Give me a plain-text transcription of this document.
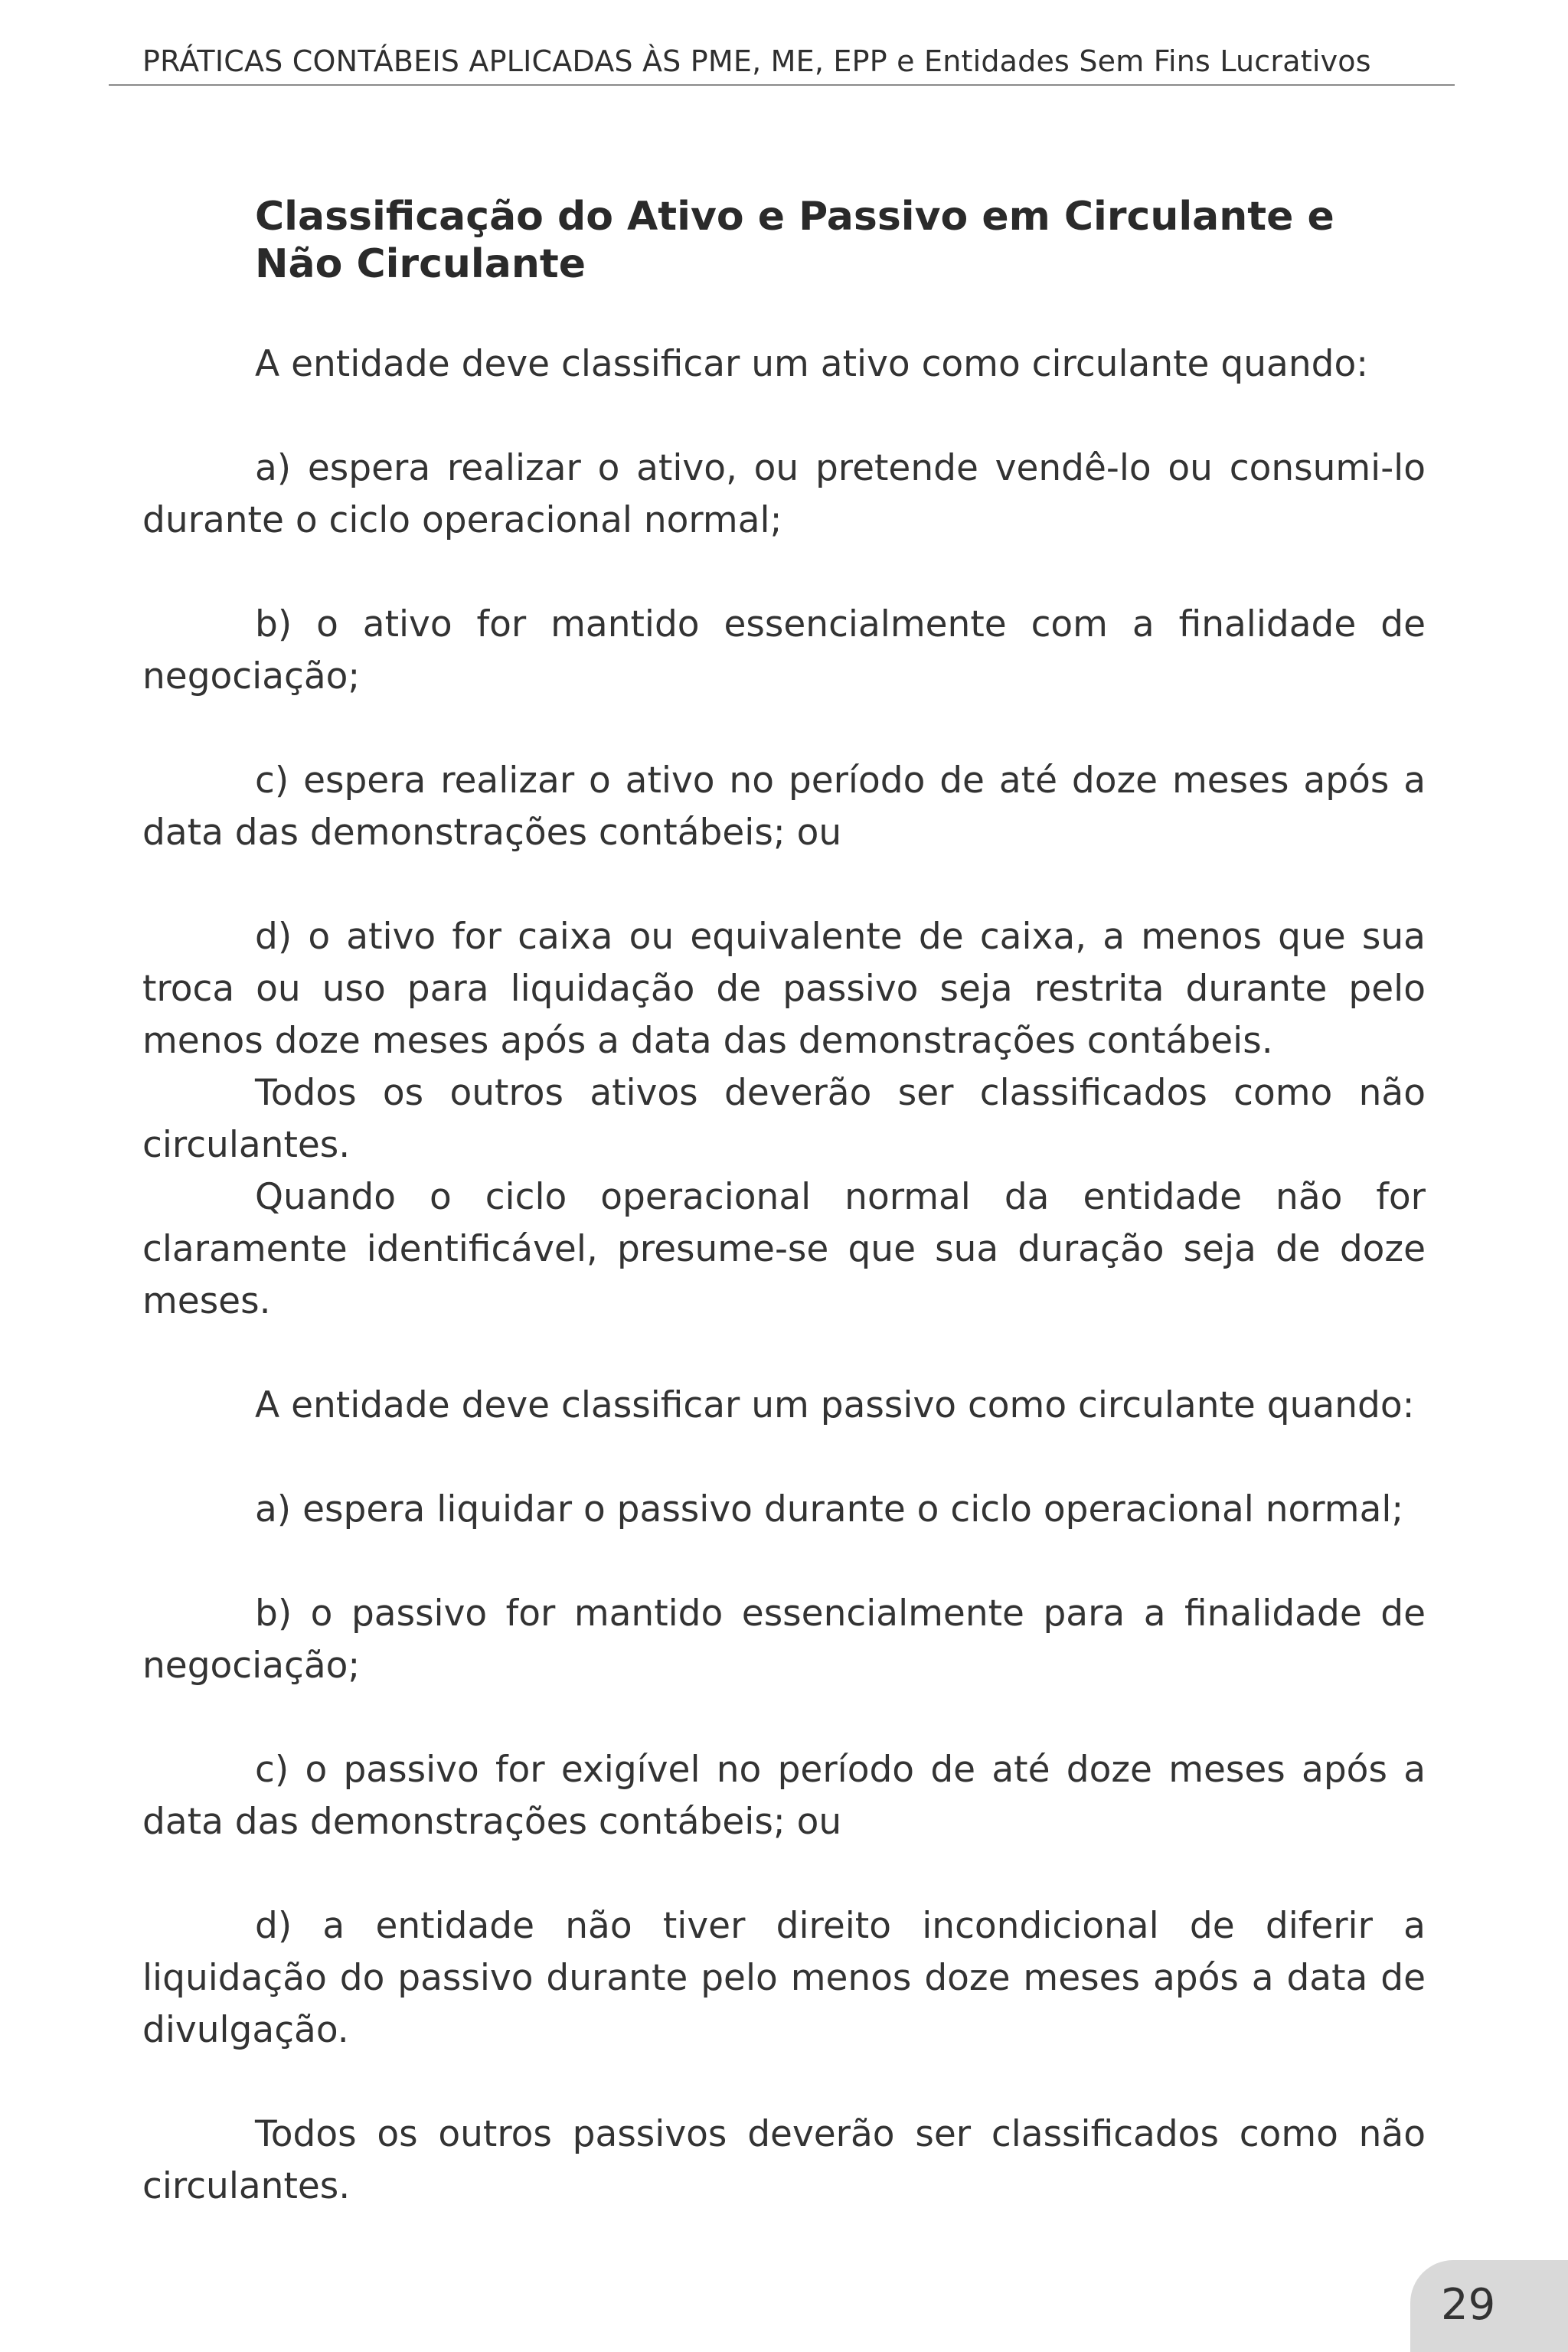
PRÁTICAS CONTÁBEIS APLICADAS ÀS PME, ME, EPP e Entidades Sem Fins Lucrativos
Classificação do Ativo e Passivo em Circulante e Não Circulante

A entidade deve classificar um ativo como circulante quando:

a) espera realizar o ativo, ou pretende vendê-lo ou consumi-lo durante o ciclo operacional normal;

b) o ativo for mantido essencialmente com a finalidade de negociação;

c) espera realizar o ativo no período de até doze meses após a data das demonstrações contábeis; ou

d) o ativo for caixa ou equivalente de caixa, a menos que sua troca ou uso para liquidação de passivo seja restrita durante pelo menos doze meses após a data das demonstrações contábeis.

Todos os outros ativos deverão ser classificados como não circulantes.

Quando o ciclo operacional normal da entidade não for claramente identificável, presume-se que sua duração seja de doze meses.

A entidade deve classificar um passivo como circulante quando:

a) espera liquidar o passivo durante o ciclo operacional normal;

b) o passivo for mantido essencialmente para a finalidade de negociação;

c) o passivo for exigível no período de até doze meses após a data das demonstrações contábeis; ou

d) a entidade não tiver direito incondicional de diferir a liquidação do passivo durante pelo menos doze meses após a data de divulgação.

Todos os outros passivos deverão ser classificados como não circulantes.

29
